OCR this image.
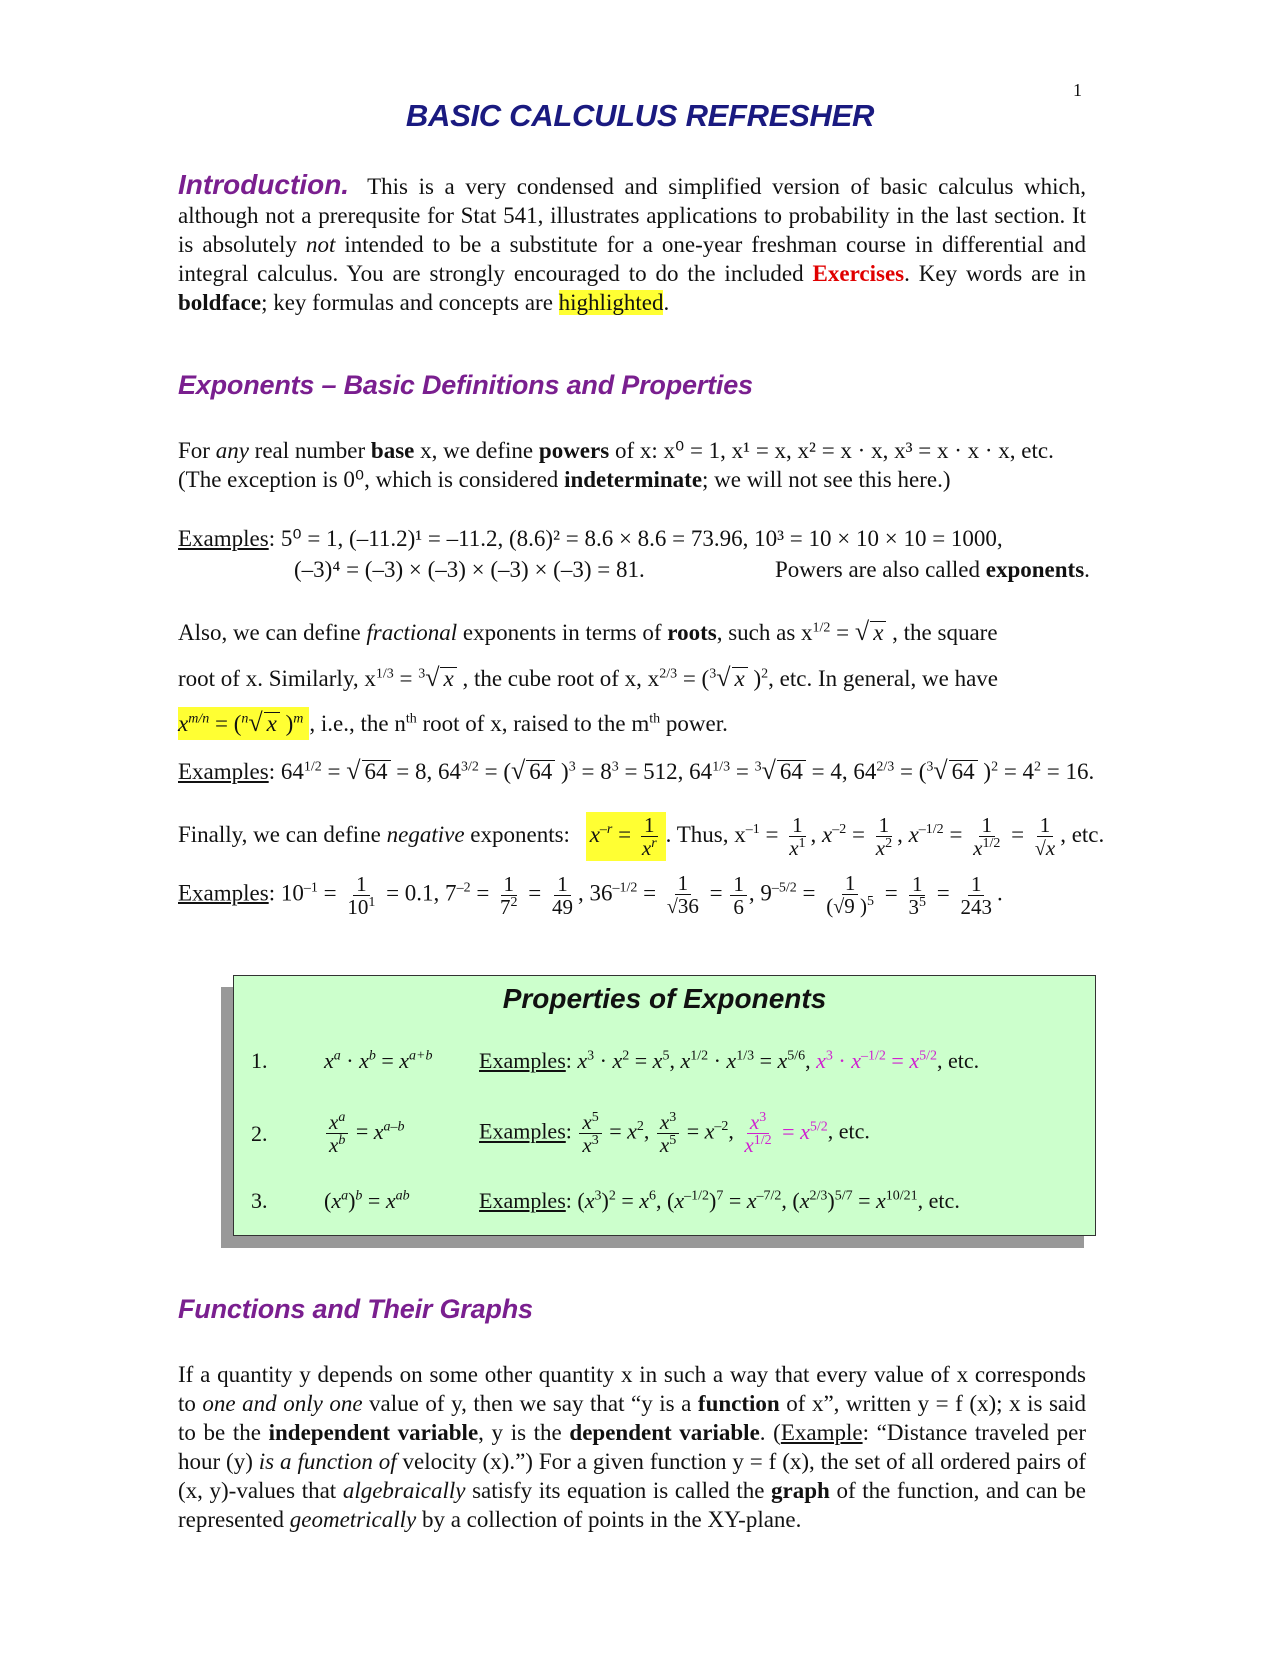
1
BASIC CALCULUS REFRESHER
Introduction. This is a very condensed and simplified version of basic calculus which, although not a prerequsite for Stat 541, illustrates applications to probability in the last section. It is absolutely not intended to be a substitute for a one-year freshman course in differential and integral calculus. You are strongly encouraged to do the included Exercises. Key words are in boldface; key formulas and concepts are highlighted.
Exponents – Basic Definitions and Properties
For any real number base x, we define powers of x: x⁰ = 1, x¹ = x, x² = x · x, x³ = x · x · x, etc.
(The exception is 0⁰, which is considered indeterminate; we will not see this here.)
Examples: 5⁰ = 1, (–11.2)¹ = –11.2, (8.6)² = 8.6 × 8.6 = 73.96, 10³ = 10 × 10 × 10 = 1000,
(–3)⁴ = (–3) × (–3) × (–3) × (–3) = 81.	Powers are also called exponents.
Also, we can define fractional exponents in terms of roots, such as $x^{1/2}$ = √ x , the square
root of x. Similarly, $x^{1/3} = ^3√$ x , the cube root of x, $x^{2/3} = (^3√$ x )$^2$, etc. In general, we have
$x^{m/n} = (^n√$ x )$^m$ , i.e., the $n^{th}$ root of x, raised to the $m^{th}$ power.
Examples: $64^{1/2}$ = √ 64 = 8, $64^{3/2}$ = (√ 64 )$^3 = 8^3 = 512$, $64^{1/3} = ^3√$ 64 = 4, $64^{2/3} = (^3√$ 64 )$^2 = 4^2 = 16$.
Finally, we can define negative exponents: $x^{-r} = \frac{1}{x^r}$ . Thus, $x^{-1} = \frac{1}{x^1}$ , $x^{-2} = \frac{1}{x^2}$ , $x^{-1/2} = \frac{1}{x^{1/2}} = \frac{1}{√x}$ , etc.
Examples: $10^{-1} = \frac{1}{10^1} = 0.1$, $7^{-2} = \frac{1}{7^2} = \frac{1}{49}$ , $36^{-1/2} = \frac{1}{√36} = \frac{1}{6}$ , $9^{-5/2} = \frac{1}{(√9 )^5} = \frac{1}{3^5} = \frac{1}{243}$ .
Properties of Exponents
1.	$x^a \cdot x^b = x^{a+b}$ Examples: $x^3 \cdot x^2 = x^5$, $x^{1/2} \cdot x^{1/3} = x^{5/6}$, $x^3 \cdot x^{-1/2} = x^{5/2}$, etc.
2.	$\frac{x^a}{x^b} = x^{a-b}$	Examples: $\frac{x^5}{x^3} = x^2$, $\frac{x^3}{x^5} = x^{-2}$, $\frac{x^3}{x^{1/2}} = x^{5/2}$, etc.
3.	$(x^a)^b = x^{ab}$	Examples: $(x^3)^2 = x^6$, $(x^{-1/2})^7 = x^{-7/2}$, $(x^{2/3})^{5/7} = x^{10/21}$, etc.
Functions and Their Graphs
If a quantity y depends on some other quantity x in such a way that every value of x corresponds to one and only one value of y, then we say that “y is a function of x”, written y = f (x); x is said to be the independent variable, y is the dependent variable. (Example: “Distance traveled per hour (y) is a function of velocity (x).”) For a given function y = f (x), the set of all ordered pairs of (x, y)-values that algebraically satisfy its equation is called the graph of the function, and can be represented geometrically by a collection of points in the XY-plane.
